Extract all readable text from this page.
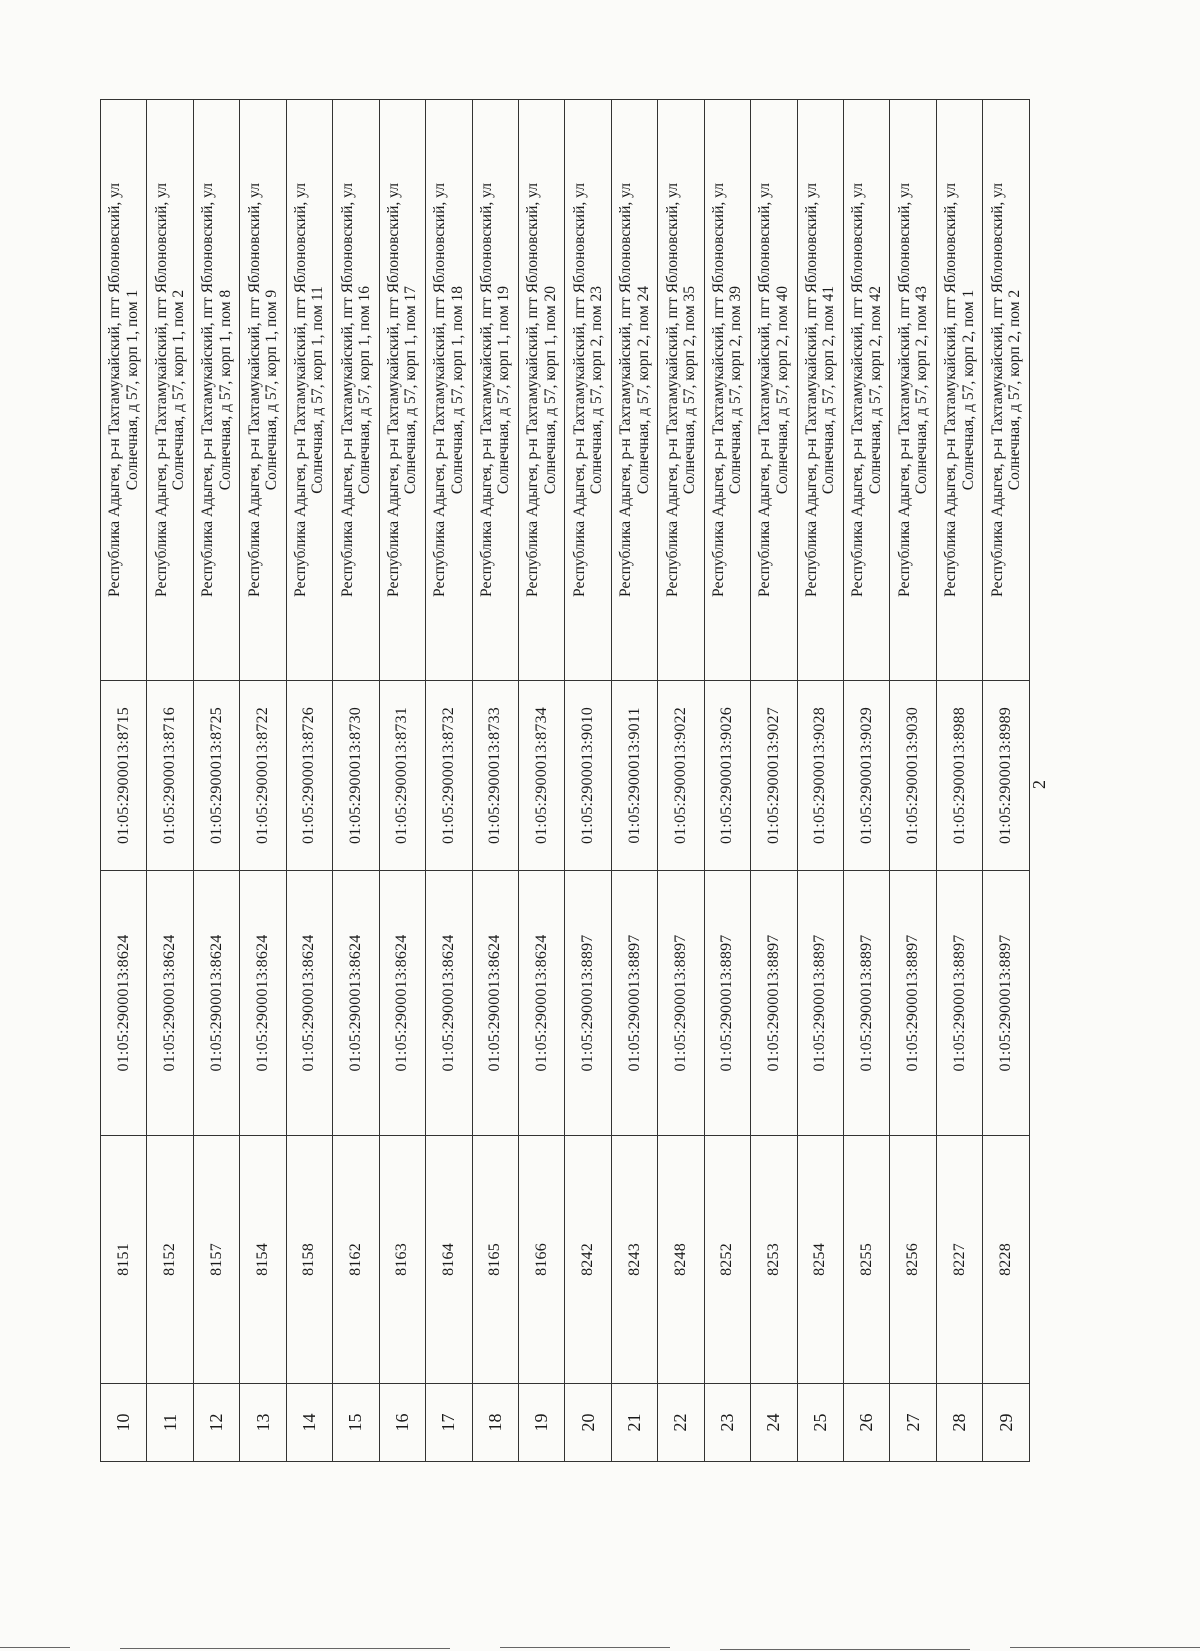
10	8151	01:05:2900013:8624	01:05:2900013:8715	Республика Адыгея, р-н Тахтамукайский, пгт Яблоновский, ул Солнечная, д 57, корп 1, пом 1

11	8152	01:05:2900013:8624	01:05:2900013:8716	Республика Адыгея, р-н Тахтамукайский, пгт Яблоновский, ул Солнечная, д 57, корп 1, пом 2

12	8157	01:05:2900013:8624	01:05:2900013:8725	Республика Адыгея, р-н Тахтамукайский, пгт Яблоновский, ул Солнечная, д 57, корп 1, пом 8

13	8154	01:05:2900013:8624	01:05:2900013:8722	Республика Адыгея, р-н Тахтамукайский, пгт Яблоновский, ул Солнечная, д 57, корп 1, пом 9

14	8158	01:05:2900013:8624	01:05:2900013:8726	Республика Адыгея, р-н Тахтамукайский, пгт Яблоновский, ул Солнечная, д 57, корп 1, пом 11

15	8162	01:05:2900013:8624	01:05:2900013:8730	Республика Адыгея, р-н Тахтамукайский, пгт Яблоновский, ул Солнечная, д 57, корп 1, пом 16

16	8163	01:05:2900013:8624	01:05:2900013:8731	Республика Адыгея, р-н Тахтамукайский, пгт Яблоновский, ул Солнечная, д 57, корп 1, пом 17

17	8164	01:05:2900013:8624	01:05:2900013:8732	Республика Адыгея, р-н Тахтамукайский, пгт Яблоновский, ул Солнечная, д 57, корп 1, пом 18

18	8165	01:05:2900013:8624	01:05:2900013:8733	Республика Адыгея, р-н Тахтамукайский, пгт Яблоновский, ул Солнечная, д 57, корп 1, пом 19

19	8166	01:05:2900013:8624	01:05:2900013:8734	Республика Адыгея, р-н Тахтамукайский, пгт Яблоновский, ул Солнечная, д 57, корп 1, пом 20

20	8242	01:05:2900013:8897	01:05:2900013:9010	Республика Адыгея, р-н Тахтамукайский, пгт Яблоновский, ул Солнечная, д 57, корп 2, пом 23

21	8243	01:05:2900013:8897	01:05:2900013:9011	Республика Адыгея, р-н Тахтамукайский, пгт Яблоновский, ул Солнечная, д 57, корп 2, пом 24

22	8248	01:05:2900013:8897	01:05:2900013:9022	Республика Адыгея, р-н Тахтамукайский, пгт Яблоновский, ул Солнечная, д 57, корп 2, пом 35

23	8252	01:05:2900013:8897	01:05:2900013:9026	Республика Адыгея, р-н Тахтамукайский, пгт Яблоновский, ул Солнечная, д 57, корп 2, пом 39

24	8253	01:05:2900013:8897	01:05:2900013:9027	Республика Адыгея, р-н Тахтамукайский, пгт Яблоновский, ул Солнечная, д 57, корп 2, пом 40

25	8254	01:05:2900013:8897	01:05:2900013:9028	Республика Адыгея, р-н Тахтамукайский, пгт Яблоновский, ул Солнечная, д 57, корп 2, пом 41

26	8255	01:05:2900013:8897	01:05:2900013:9029	Республика Адыгея, р-н Тахтамукайский, пгт Яблоновский, ул Солнечная, д 57, корп 2, пом 42

27	8256	01:05:2900013:8897	01:05:2900013:9030	Республика Адыгея, р-н Тахтамукайский, пгт Яблоновский, ул Солнечная, д 57, корп 2, пом 43

28	8227	01:05:2900013:8897	01:05:2900013:8988	Республика Адыгея, р-н Тахтамукайский, пгт Яблоновский, ул Солнечная, д 57, корп 2, пом 1

29	8228	01:05:2900013:8897	01:05:2900013:8989	Республика Адыгея, р-н Тахтамукайский, пгт Яблоновский, ул Солнечная, д 57, корп 2, пом 2
2
